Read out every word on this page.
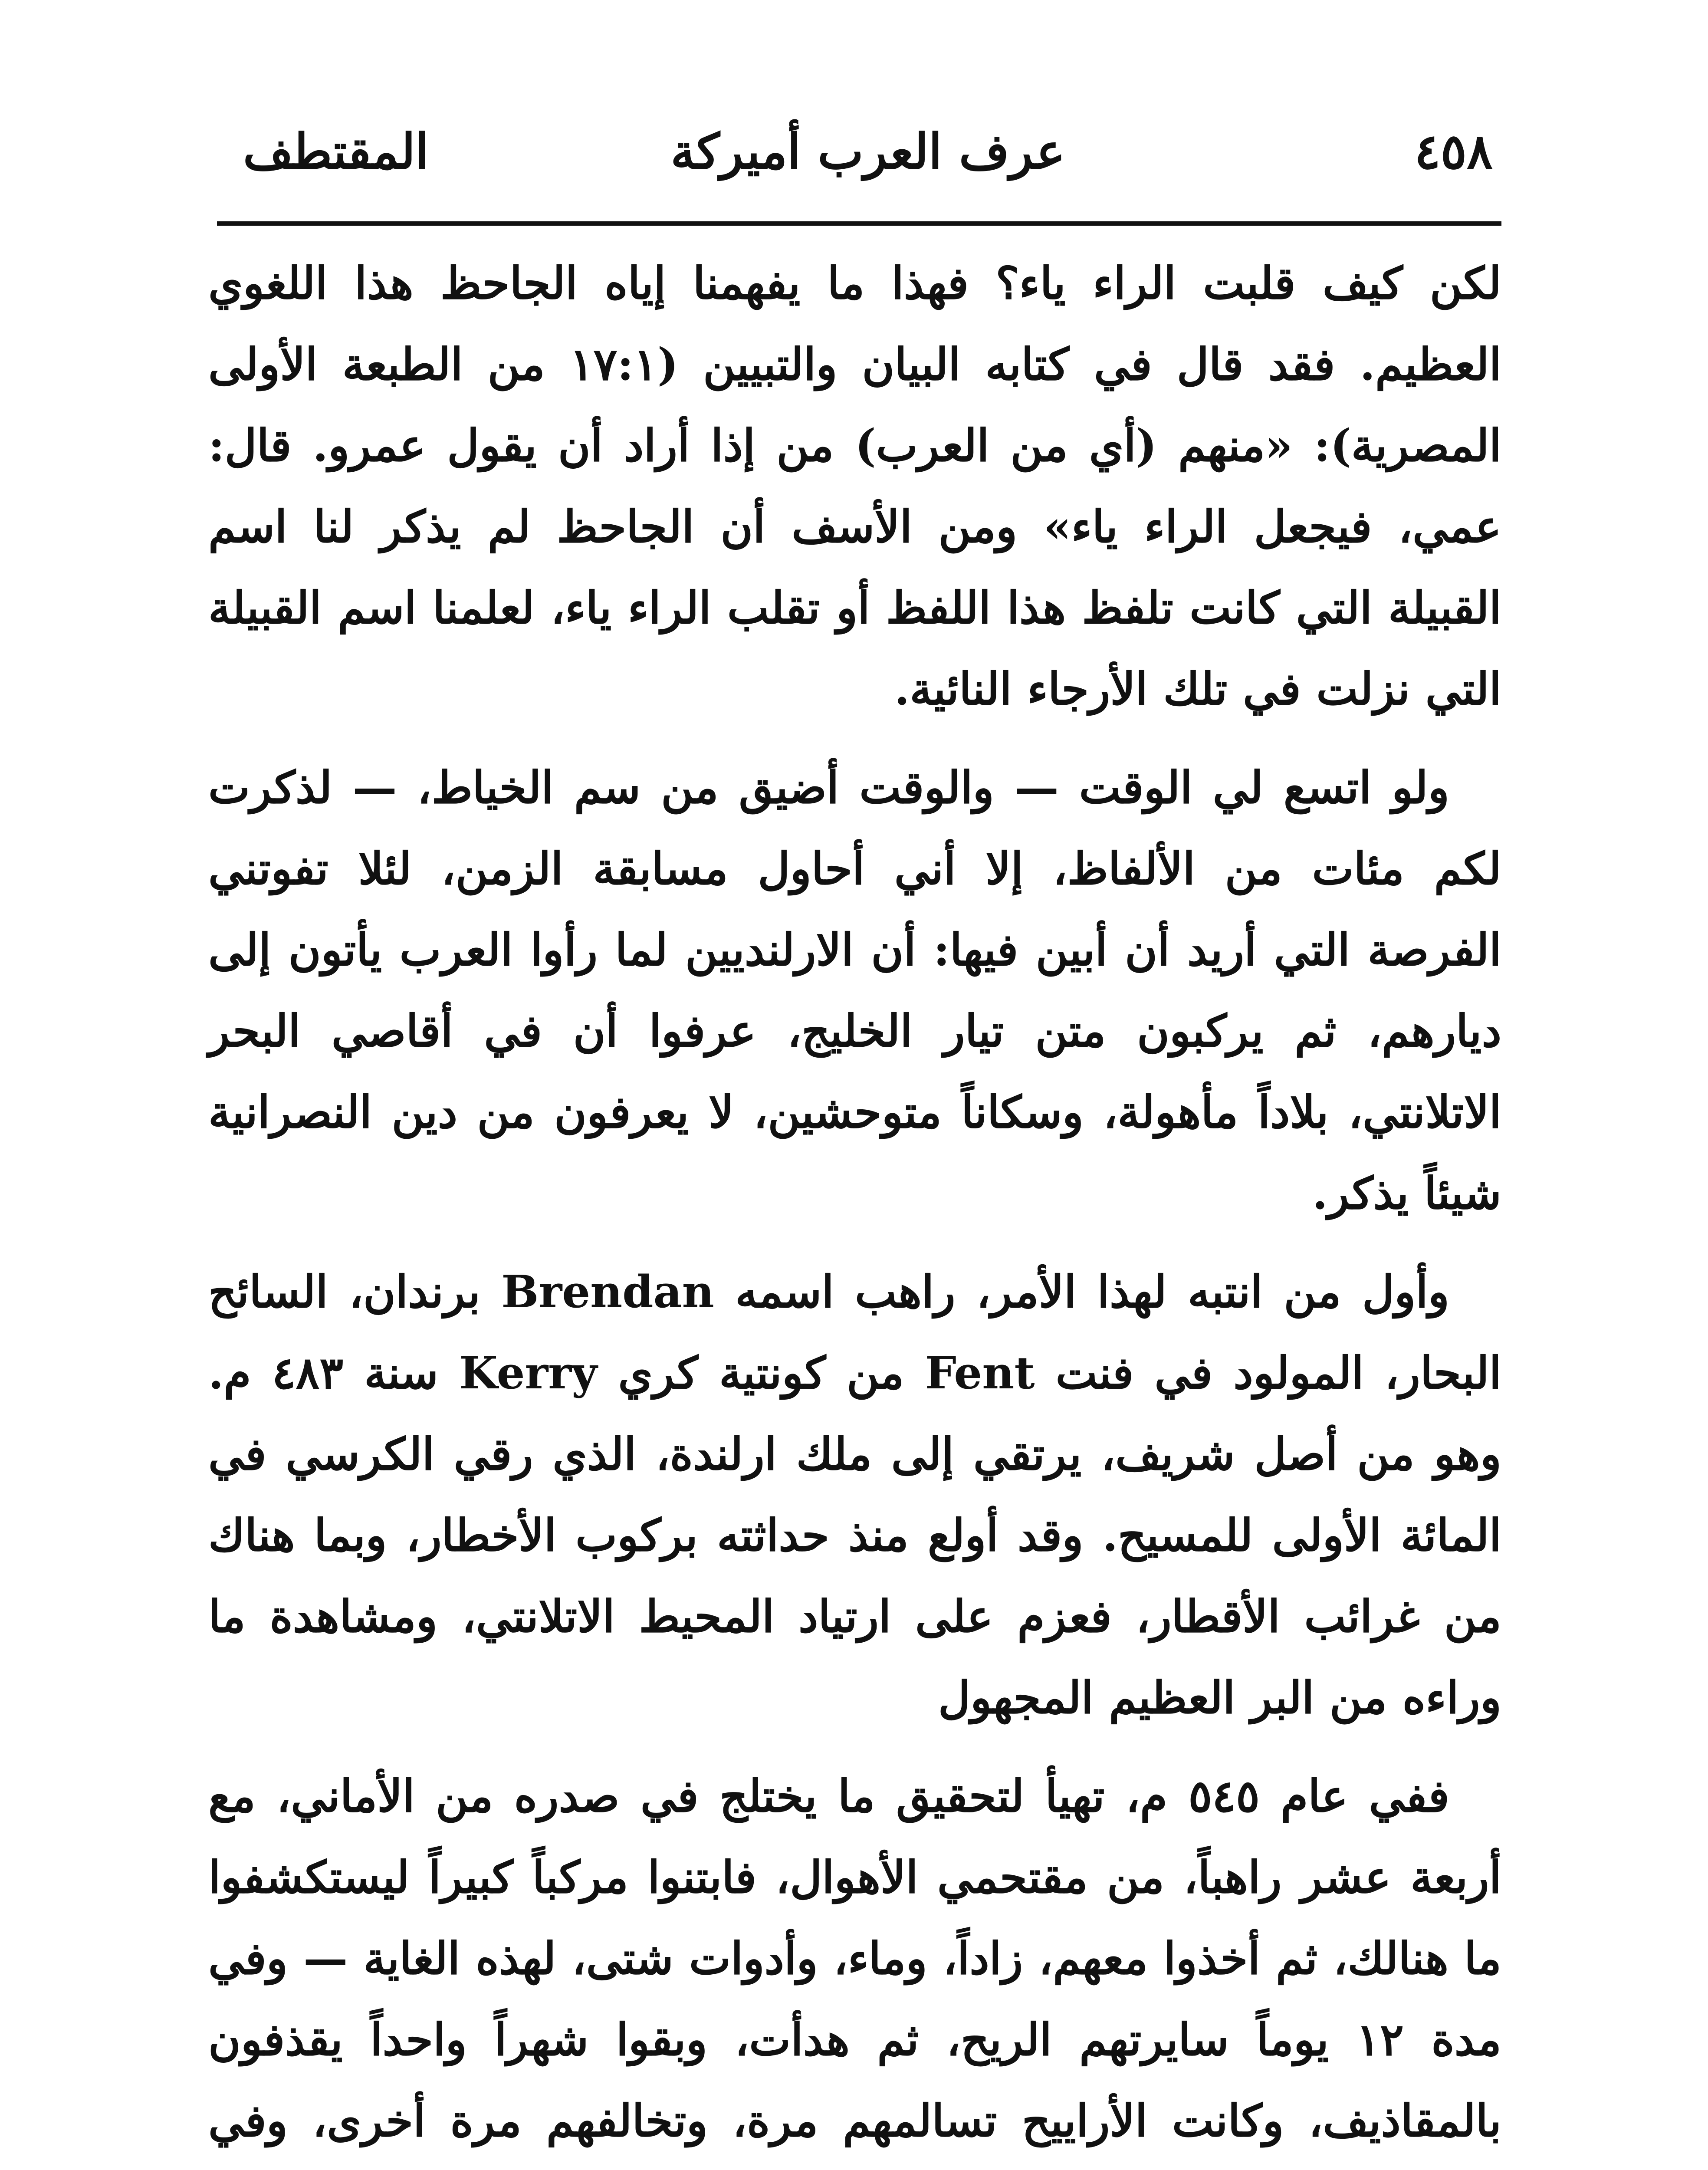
٤٥٨
عرف العرب أميركة
المقتطف

لكن كيف قلبت الراء ياء؟ فهذا ما يفهمنا إياه الجاحظ هذا اللغوي العظيم. فقد قال في كتابه البيان والتبيين (١٧:١ من الطبعة الأولى المصرية): «منهم (أي من العرب) من إذا أراد أن يقول عمرو. قال: عمي، فيجعل الراء ياء» ومن الأسف أن الجاحظ لم يذكر لنا اسم القبيلة التي كانت تلفظ هذا اللفظ أو تقلب الراء ياء، لعلمنا اسم القبيلة التي نزلت في تلك الأرجاء النائية.

ولو اتسع لي الوقت — والوقت أضيق من سم الخياط، — لذكرت لكم مئات من الألفاظ، إلا أني أحاول مسابقة الزمن، لئلا تفوتني الفرصة التي أريد أن أبين فيها: أن الارلنديين لما رأوا العرب يأتون إلى ديارهم، ثم يركبون متن تيار الخليج، عرفوا أن في أقاصي البحر الاتلانتي، بلاداً مأهولة، وسكاناً متوحشين، لا يعرفون من دين النصرانية شيئاً يذكر.

وأول من انتبه لهذا الأمر، راهب اسمه Brendan برندان، السائح البحار، المولود في فنت Fent من كونتية كري Kerry سنة ٤٨٣ م. وهو من أصل شريف، يرتقي إلى ملك ارلندة، الذي رقي الكرسي في المائة الأولى للمسيح. وقد أولع منذ حداثته بركوب الأخطار، وبما هناك من غرائب الأقطار، فعزم على ارتياد المحيط الاتلانتي، ومشاهدة ما وراءه من البر العظيم المجهول

ففي عام ٥٤٥ م، تهيأ لتحقيق ما يختلج في صدره من الأماني، مع أربعة عشر راهباً، من مقتحمي الأهوال، فابتنوا مركباً كبيراً ليستكشفوا ما هنالك، ثم أخذوا معهم، زاداً، وماء، وأدوات شتى، لهذه الغاية — وفي مدة ١٢ يوماً سايرتهم الريح، ثم هدأت، وبقوا شهراً واحداً يقذفون بالمقاذيف، وكانت الأراييح تسالمهم مرة، وتخالفهم مرة أخرى، وفي
